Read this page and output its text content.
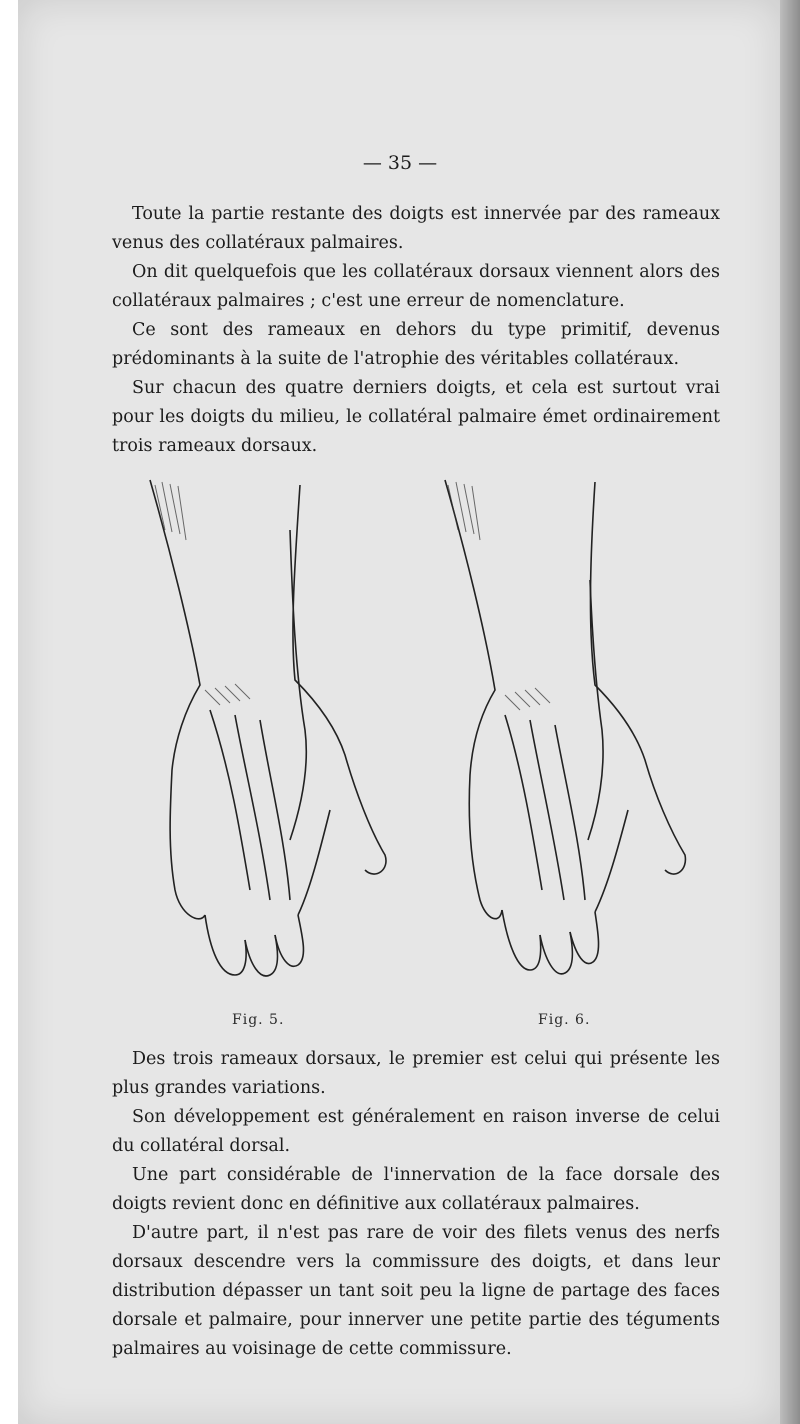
— 35 —

Toute la partie restante des doigts est innervée par des rameaux venus des collatéraux palmaires.

On dit quelquefois que les collatéraux dorsaux viennent alors des collatéraux palmaires ; c'est une erreur de nomenclature.

Ce sont des rameaux en dehors du type primitif, devenus prédominants à la suite de l'atrophie des véritables collatéraux.

Sur chacun des quatre derniers doigts, et cela est surtout vrai pour les doigts du milieu, le collatéral palmaire émet ordinairement trois rameaux dorsaux.

Fig. 5.	Fig. 6.

Des trois rameaux dorsaux, le premier est celui qui présente les plus grandes variations.

Son développement est généralement en raison inverse de celui du collatéral dorsal.

Une part considérable de l'innervation de la face dorsale des doigts revient donc en définitive aux collatéraux palmaires.

D'autre part, il n'est pas rare de voir des filets venus des nerfs dorsaux descendre vers la commissure des doigts, et dans leur distribution dépasser un tant soit peu la ligne de partage des faces dorsale et palmaire, pour innerver une petite partie des téguments palmaires au voisinage de cette commissure.
